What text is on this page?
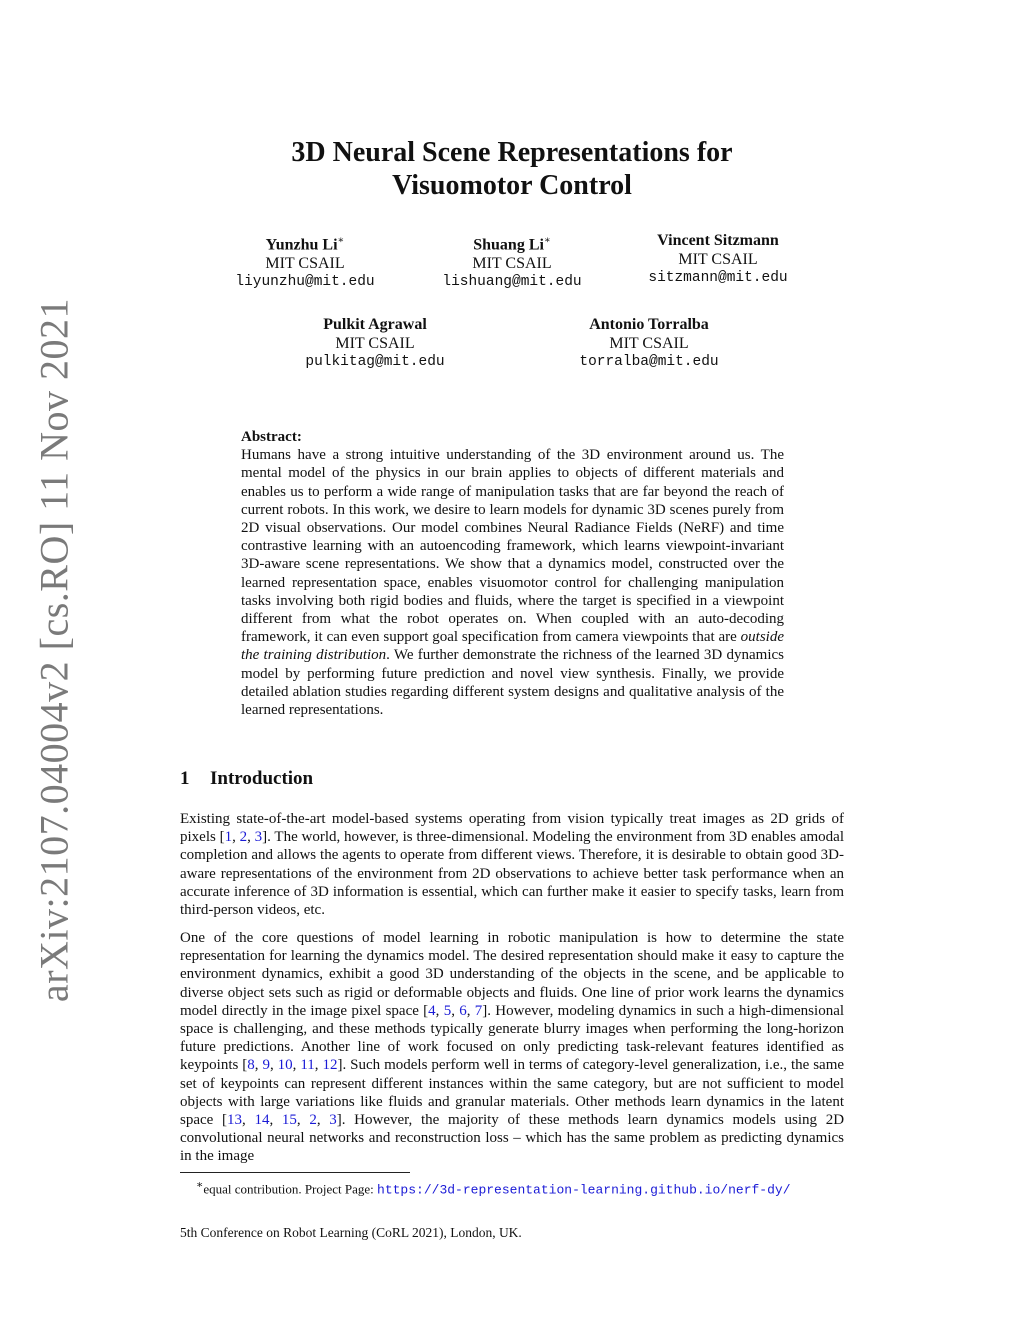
arXiv:2107.04004v2 [cs.RO] 11 Nov 2021
3D Neural Scene Representations for
Visuomotor Control
Yunzhu Li∗
MIT CSAIL
liyunzhu@mit.edu
Shuang Li∗
MIT CSAIL
lishuang@mit.edu
Vincent Sitzmann
MIT CSAIL
sitzmann@mit.edu
Pulkit Agrawal
MIT CSAIL
pulkitag@mit.edu
Antonio Torralba
MIT CSAIL
torralba@mit.edu
Abstract:
Humans have a strong intuitive understanding of the 3D environment around us. The mental model of the physics in our brain applies to objects of different materials and enables us to perform a wide range of manipulation tasks that are far beyond the reach of current robots. In this work, we desire to learn models for dynamic 3D scenes purely from 2D visual observations. Our model combines Neural Radiance Fields (NeRF) and time contrastive learning with an autoencoding framework, which learns viewpoint-invariant 3D-aware scene representations. We show that a dynamics model, constructed over the learned representation space, enables visuomotor control for challenging manipulation tasks involving both rigid bodies and fluids, where the target is specified in a viewpoint different from what the robot operates on. When coupled with an auto-decoding framework, it can even support goal specification from camera viewpoints that are outside the training distribution. We further demonstrate the richness of the learned 3D dynamics model by performing future prediction and novel view synthesis. Finally, we provide detailed ablation studies regarding different system designs and qualitative analysis of the learned representations.
1 Introduction
Existing state-of-the-art model-based systems operating from vision typically treat images as 2D grids of pixels [1, 2, 3]. The world, however, is three-dimensional. Modeling the environment from 3D enables amodal completion and allows the agents to operate from different views. Therefore, it is desirable to obtain good 3D-aware representations of the environment from 2D observations to achieve better task performance when an accurate inference of 3D information is essential, which can further make it easier to specify tasks, learn from third-person videos, etc.
One of the core questions of model learning in robotic manipulation is how to determine the state representation for learning the dynamics model. The desired representation should make it easy to capture the environment dynamics, exhibit a good 3D understanding of the objects in the scene, and be applicable to diverse object sets such as rigid or deformable objects and fluids. One line of prior work learns the dynamics model directly in the image pixel space [4, 5, 6, 7]. However, modeling dynamics in such a high-dimensional space is challenging, and these methods typically generate blurry images when performing the long-horizon future predictions. Another line of work focused on only predicting task-relevant features identified as keypoints [8, 9, 10, 11, 12]. Such models perform well in terms of category-level generalization, i.e., the same set of keypoints can represent different instances within the same category, but are not sufficient to model objects with large variations like fluids and granular materials. Other methods learn dynamics in the latent space [13, 14, 15, 2, 3]. However, the majority of these methods learn dynamics models using 2D convolutional neural networks and reconstruction loss – which has the same problem as predicting dynamics in the image
∗equal contribution. Project Page: https://3d-representation-learning.github.io/nerf-dy/
5th Conference on Robot Learning (CoRL 2021), London, UK.
